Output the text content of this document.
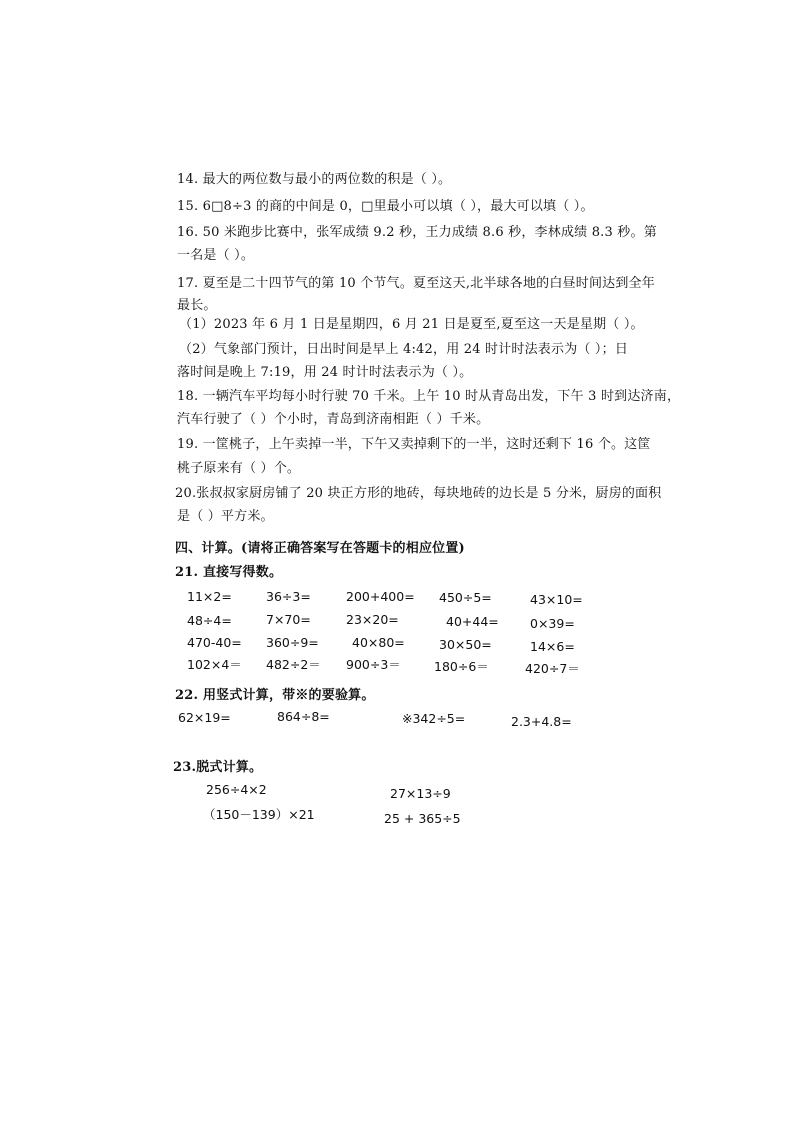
14. 最大的两位数与最小的两位数的积是（ ）。
15. 6□8÷3 的商的中间是 0，□里最小可以填（ ），最大可以填（ ）。
16. 50 米跑步比赛中，张军成绩 9.2 秒，王力成绩 8.6 秒，李林成绩 8.3 秒。第
一名是（ ）。
17. 夏至是二十四节气的第 10 个节气。夏至这天,北半球各地的白昼时间达到全年
最长。
（1）2023 年 6 月 1 日是星期四，6 月 21 日是夏至,夏至这一天是星期（ ）。
（2）气象部门预计，日出时间是早上 4:42，用 24 时计时法表示为（ ）；日
落时间是晚上 7:19，用 24 时计时法表示为（ ）。
18. 一辆汽车平均每小时行驶 70 千米。上午 10 时从青岛出发，下午 3 时到达济南，
汽车行驶了（ ）个小时，青岛到济南相距（ ）千米。
19. 一筐桃子，上午卖掉一半，下午又卖掉剩下的一半，这时还剩下 16 个。这筐
桃子原来有（ ）个。
20.张叔叔家厨房铺了 20 块正方形的地砖，每块地砖的边长是 5 分米，厨房的面积
是（ ）平方米。
四、计算。(请将正确答案写在答题卡的相应位置)
21. 直接写得数。
11×2=	36÷3=	200+400= 450÷5=	43×10=
48÷4=	7×70=	23×20=	40+44= 0×39=
470-40= 360÷9=	40×80=	30×50=	14×6=
102×4＝ 482÷2＝ 900÷3＝	180÷6＝	420÷7＝
22. 用竖式计算，带※的要验算。
62×19=	864÷8=	※342÷5=	2.3+4.8=
23.脱式计算。
256÷4×2	27×13÷9
（150－139）×21	25 + 365÷5
